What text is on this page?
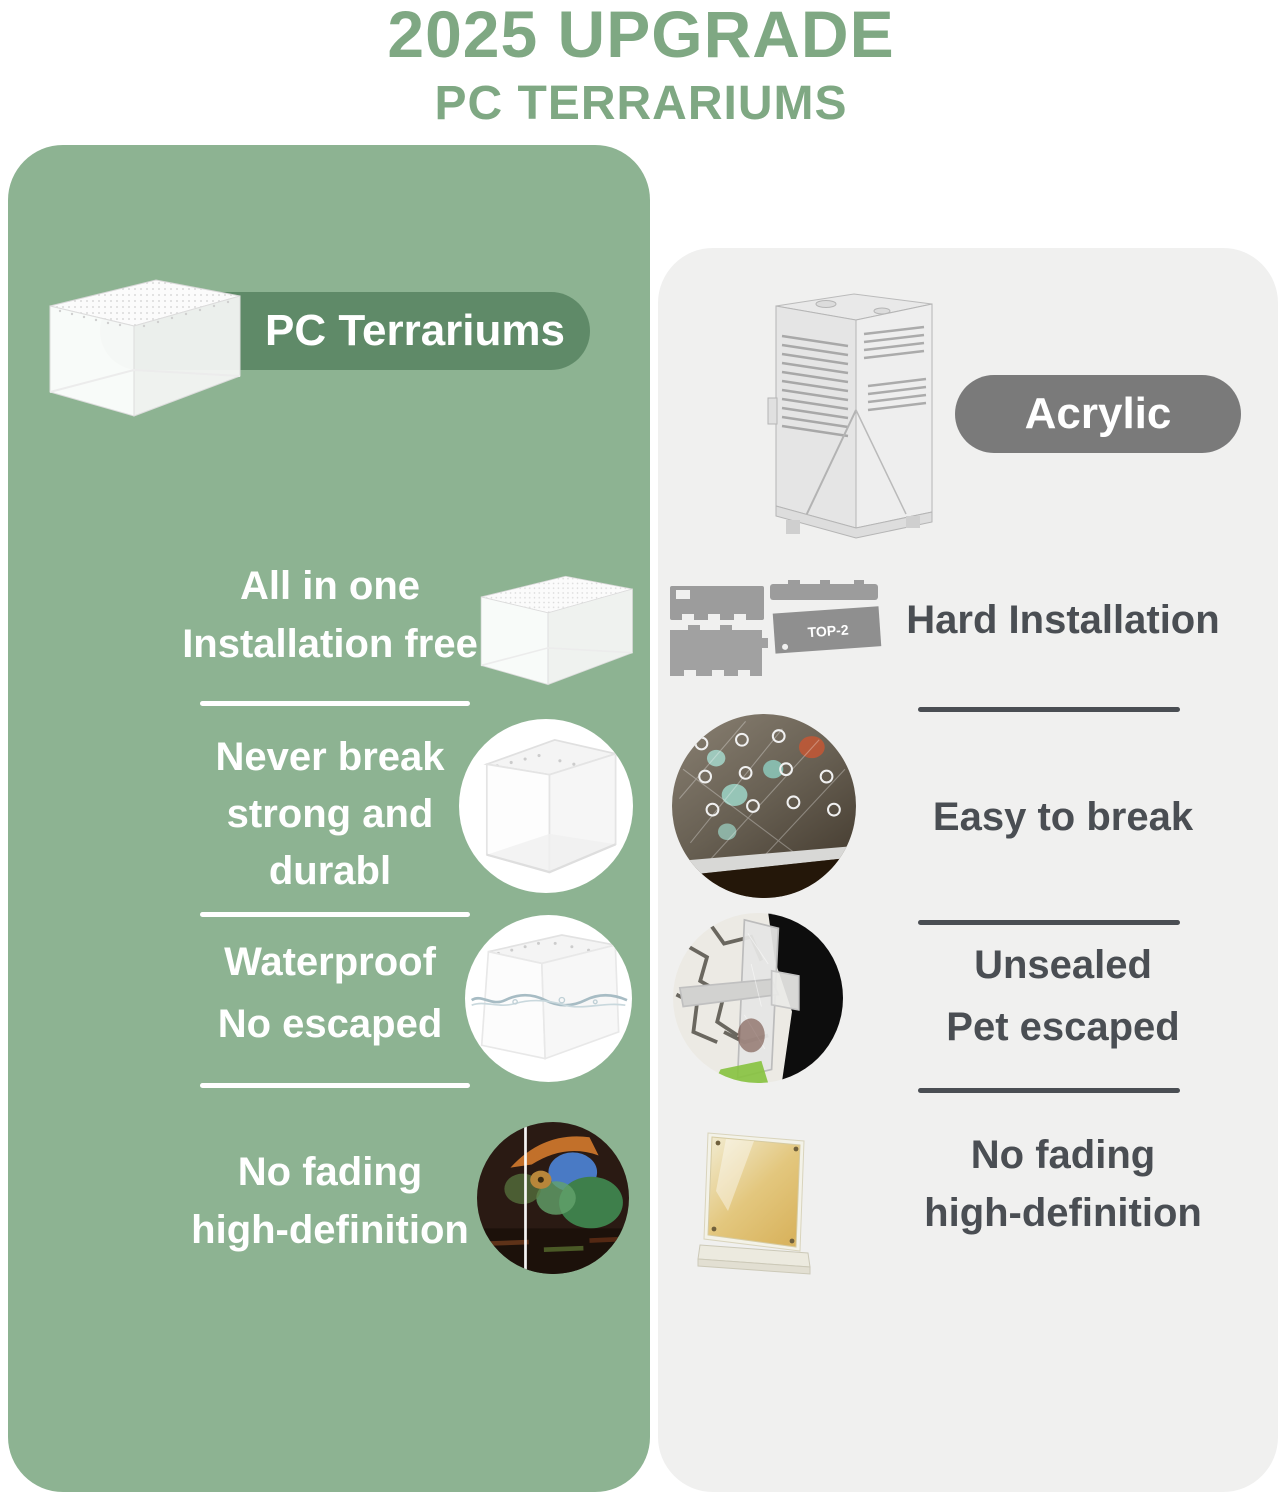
2025 UPGRADE
PC TERRARIUMS
PC Terrariums
Acrylic
All in one
Installation free
Never break
strong and
durabl
Waterproof
No escaped
No fading
high-definition
TOP-2	Hard Installation
Easy to break
Unsealed
Pet escaped
No fading
high-definition
